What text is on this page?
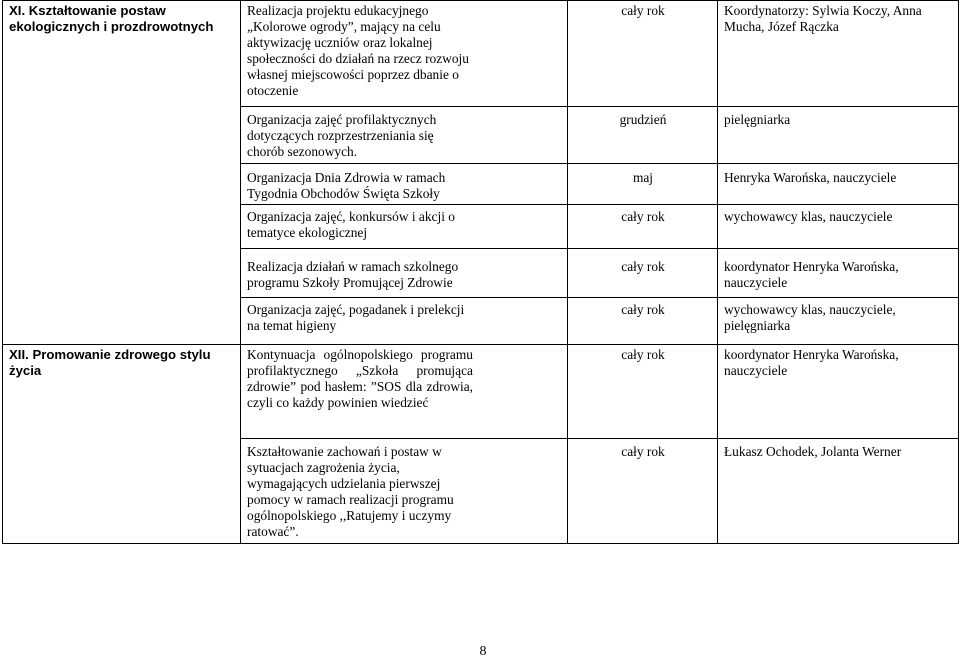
XI. Kształtowanie postaw ekologicznych i prozdrowotnych	Realizacja projektu edukacyjnego „Kolorowe ogrody”, mający na celu aktywizację uczniów oraz lokalnej społeczności do działań na rzecz rozwoju własnej miejscowości poprzez dbanie o otoczenie	cały rok	Koordynatorzy: Sylwia Koczy, Anna Mucha, Józef Rączka

	Organizacja zajęć profilaktycznych dotyczących rozprzestrzeniania się chorób sezonowych.	grudzień	pielęgniarka

	Organizacja Dnia Zdrowia w ramach Tygodnia Obchodów Święta Szkoły	maj	Henryka Warońska, nauczyciele

	Organizacja zajęć, konkursów i akcji o tematyce ekologicznej	cały rok	wychowawcy klas, nauczyciele

	Realizacja działań w ramach szkolnego programu Szkoły Promującej Zdrowie	cały rok	koordynator Henryka Warońska, nauczyciele

	Organizacja zajęć, pogadanek i prelekcji na temat higieny	cały rok	wychowawcy klas, nauczyciele, pielęgniarka
XII. Promowanie zdrowego stylu życia	Kontynuacja ogólnopolskiego programu profilaktycznego „Szkoła promująca zdrowie” pod hasłem: ”SOS dla zdrowia, czyli co każdy powinien wiedzieć	cały rok	koordynator Henryka Warońska, nauczyciele

	Kształtowanie zachowań i postaw w sytuacjach zagrożenia życia, wymagających udzielania pierwszej pomocy w ramach realizacji programu ogólnopolskiego ,,Ratujemy i uczymy ratować”.	cały rok	Łukasz Ochodek, Jolanta Werner
8
